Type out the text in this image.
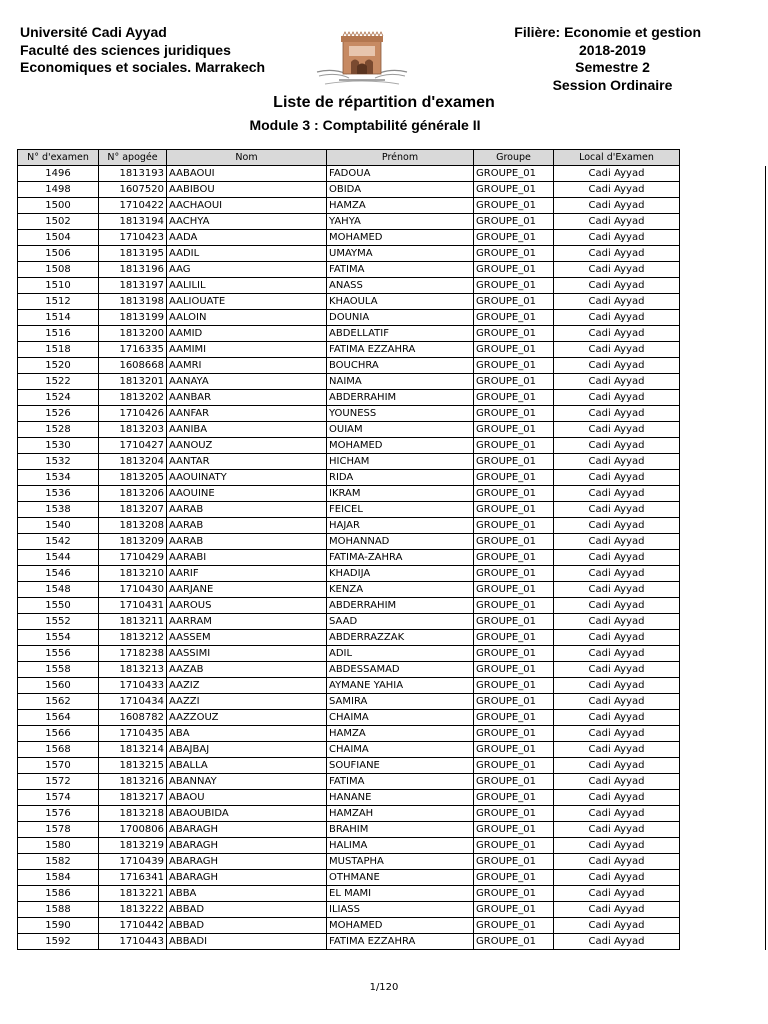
Université Cadi Ayyad
Faculté des sciences juridiques
Economiques et sociales. Marrakech
Filière: Economie et gestion
2018-2019
Semestre 2
Session Ordinaire
Liste de répartition d'examen
Module 3 : Comptabilité générale II
N° d'examen	N° apogée	Nom	Prénom	Groupe	Local d'Examen	
1496	1813193	AABAOUI	FADOUA	GROUPE_01	Cadi Ayyad	
1498	1607520	AABIBOU	OBIDA	GROUPE_01	Cadi Ayyad	
1500	1710422	AACHAOUI	HAMZA	GROUPE_01	Cadi Ayyad	
1502	1813194	AACHYA	YAHYA	GROUPE_01	Cadi Ayyad	
1504	1710423	AADA	MOHAMED	GROUPE_01	Cadi Ayyad	
1506	1813195	AADIL	UMAYMA	GROUPE_01	Cadi Ayyad	
1508	1813196	AAG	FATIMA	GROUPE_01	Cadi Ayyad	
1510	1813197	AALILIL	ANASS	GROUPE_01	Cadi Ayyad	
1512	1813198	AALIOUATE	KHAOULA	GROUPE_01	Cadi Ayyad	
1514	1813199	AALOIN	DOUNIA	GROUPE_01	Cadi Ayyad	
1516	1813200	AAMID	ABDELLATIF	GROUPE_01	Cadi Ayyad	
1518	1716335	AAMIMI	FATIMA EZZAHRA	GROUPE_01	Cadi Ayyad	
1520	1608668	AAMRI	BOUCHRA	GROUPE_01	Cadi Ayyad	
1522	1813201	AANAYA	NAIMA	GROUPE_01	Cadi Ayyad	
1524	1813202	AANBAR	ABDERRAHIM	GROUPE_01	Cadi Ayyad	
1526	1710426	AANFAR	YOUNESS	GROUPE_01	Cadi Ayyad	
1528	1813203	AANIBA	OUIAM	GROUPE_01	Cadi Ayyad	
1530	1710427	AANOUZ	MOHAMED	GROUPE_01	Cadi Ayyad	
1532	1813204	AANTAR	HICHAM	GROUPE_01	Cadi Ayyad	
1534	1813205	AAOUINATY	RIDA	GROUPE_01	Cadi Ayyad	
1536	1813206	AAOUINE	IKRAM	GROUPE_01	Cadi Ayyad	
1538	1813207	AARAB	FEICEL	GROUPE_01	Cadi Ayyad	
1540	1813208	AARAB	HAJAR	GROUPE_01	Cadi Ayyad	
1542	1813209	AARAB	MOHANNAD	GROUPE_01	Cadi Ayyad	
1544	1710429	AARABI	FATIMA-ZAHRA	GROUPE_01	Cadi Ayyad	
1546	1813210	AARIF	KHADIJA	GROUPE_01	Cadi Ayyad	
1548	1710430	AARJANE	KENZA	GROUPE_01	Cadi Ayyad	
1550	1710431	AAROUS	ABDERRAHIM	GROUPE_01	Cadi Ayyad	
1552	1813211	AARRAM	SAAD	GROUPE_01	Cadi Ayyad	
1554	1813212	AASSEM	ABDERRAZZAK	GROUPE_01	Cadi Ayyad	
1556	1718238	AASSIMI	ADIL	GROUPE_01	Cadi Ayyad	
1558	1813213	AAZAB	ABDESSAMAD	GROUPE_01	Cadi Ayyad	
1560	1710433	AAZIZ	AYMANE YAHIA	GROUPE_01	Cadi Ayyad	
1562	1710434	AAZZI	SAMIRA	GROUPE_01	Cadi Ayyad	
1564	1608782	AAZZOUZ	CHAIMA	GROUPE_01	Cadi Ayyad	
1566	1710435	ABA	HAMZA	GROUPE_01	Cadi Ayyad	
1568	1813214	ABAJBAJ	CHAIMA	GROUPE_01	Cadi Ayyad	
1570	1813215	ABALLA	SOUFIANE	GROUPE_01	Cadi Ayyad	
1572	1813216	ABANNAY	FATIMA	GROUPE_01	Cadi Ayyad	
1574	1813217	ABAOU	HANANE	GROUPE_01	Cadi Ayyad	
1576	1813218	ABAOUBIDA	HAMZAH	GROUPE_01	Cadi Ayyad	
1578	1700806	ABARAGH	BRAHIM	GROUPE_01	Cadi Ayyad	
1580	1813219	ABARAGH	HALIMA	GROUPE_01	Cadi Ayyad	
1582	1710439	ABARAGH	MUSTAPHA	GROUPE_01	Cadi Ayyad	
1584	1716341	ABARAGH	OTHMANE	GROUPE_01	Cadi Ayyad	
1586	1813221	ABBA	EL MAMI	GROUPE_01	Cadi Ayyad	
1588	1813222	ABBAD	ILIASS	GROUPE_01	Cadi Ayyad	
1590	1710442	ABBAD	MOHAMED	GROUPE_01	Cadi Ayyad	
1592	1710443	ABBADI	FATIMA EZZAHRA	GROUPE_01	Cadi Ayyad	
1/120
